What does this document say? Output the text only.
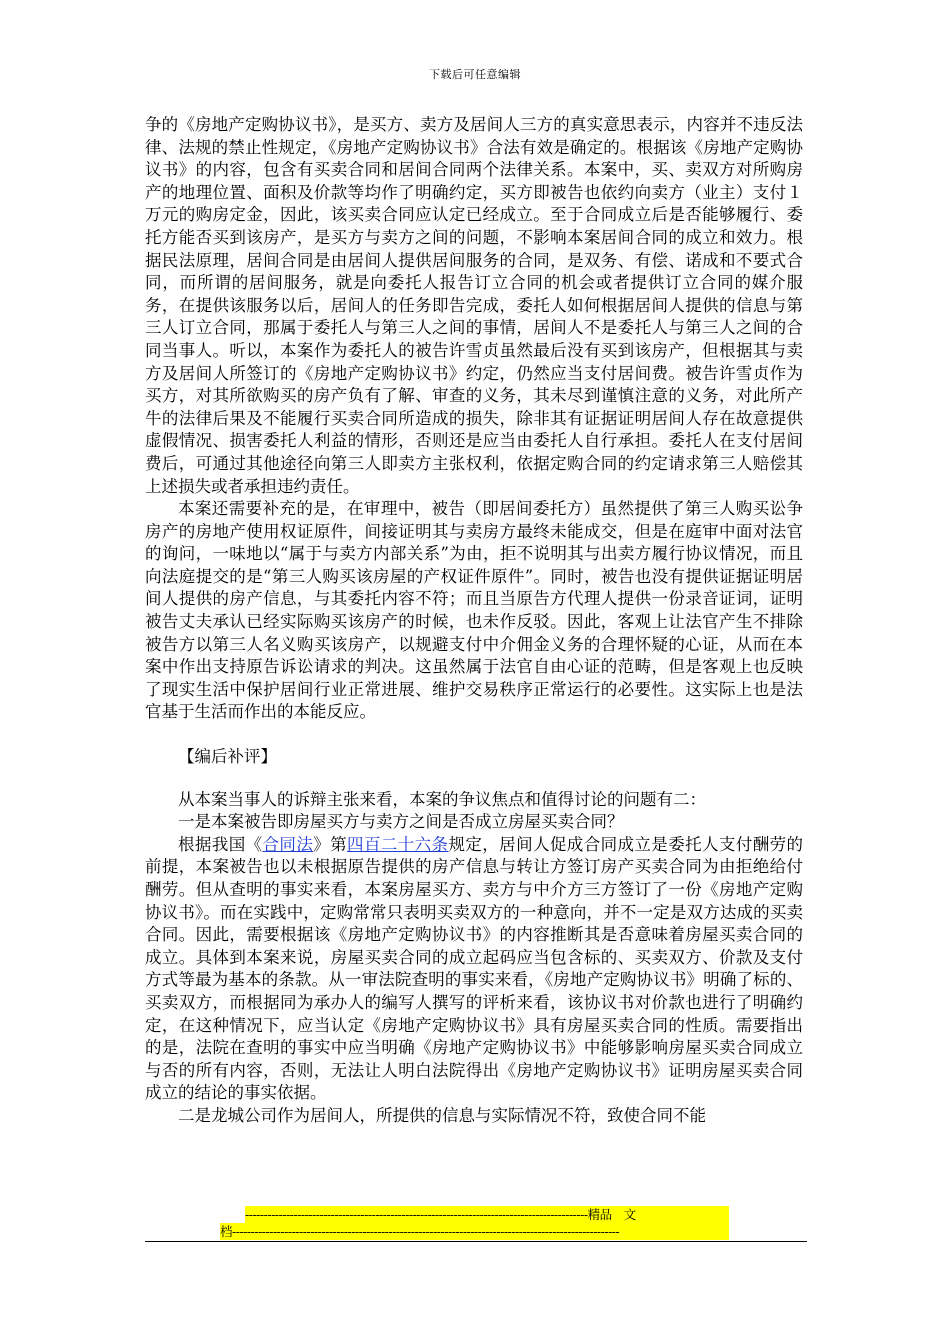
下载后可任意编辑

争的《房地产定购协议书》，是买方、卖方及居间人三方的真实意思表示，内容并不违反法律、法规的禁止性规定，《房地产定购协议书》合法有效是确定的。根据该《房地产定购协议书》的内容，包含有买卖合同和居间合同两个法律关系。本案中，买、卖双方对所购房产的地理位置、面积及价款等均作了明确约定，买方即被告也依约向卖方（业主）支付１万元的购房定金，因此，该买卖合同应认定已经成立。至于合同成立后是否能够履行、委托方能否买到该房产，是买方与卖方之间的问题，不影响本案居间合同的成立和效力。根据民法原理，居间合同是由居间人提供居间服务的合同，是双务、有偿、诺成和不要式合同，而所谓的居间服务，就是向委托人报告订立合同的机会或者提供订立合同的媒介服务，在提供该服务以后，居间人的任务即告完成，委托人如何根据居间人提供的信息与第三人订立合同，那属于委托人与第三人之间的事情，居间人不是委托人与第三人之间的合同当事人。听以，本案作为委托人的被告许雪贞虽然最后没有买到该房产，但根据其与卖方及居间人所签订的《房地产定购协议书》约定，仍然应当支付居间费。被告许雪贞作为买方，对其所欲购买的房产负有了解、审查的义务，其未尽到谨慎注意的义务，对此所产牛的法律后果及不能履行买卖合同所造成的损失，除非其有证据证明居间人存在故意提供虚假情况、损害委托人利益的情形，否则还是应当由委托人自行承担。委托人在支付居间费后，可通过其他途径向第三人即卖方主张权利，依据定购合同的约定请求第三人赔偿其上述损失或者承担违约责任。

本案还需要补充的是，在审理中，被告（即居间委托方）虽然提供了第三人购买讼争房产的房地产使用权证原件，间接证明其与卖房方最终未能成交，但是在庭审中面对法官的询问，一味地以“属于与卖方内部关系”为由，拒不说明其与出卖方履行协议情况，而且向法庭提交的是“第三人购买该房屋的产权证件原件”。同时，被告也没有提供证据证明居间人提供的房产信息，与其委托内容不符；而且当原告方代理人提供一份录音证词，证明被告丈夫承认已经实际购买该房产的时候，也未作反驳。因此，客观上让法官产生不排除被告方以第三人名义购买该房产，以规避支付中介佣金义务的合理怀疑的心证，从而在本案中作出支持原告诉讼请求的判决。这虽然属于法官自由心证的范畴，但是客观上也反映了现实生活中保护居间行业正常进展、维护交易秩序正常运行的必要性。这实际上也是法官基于生活而作出的本能反应。

【编后补评】

从本案当事人的诉辩主张来看，本案的争议焦点和值得讨论的问题有二：

一是本案被告即房屋买方与卖方之间是否成立房屋买卖合同？

根据我国《合同法》第四百二十六条规定，居间人促成合同成立是委托人支付酬劳的前提，本案被告也以未根据原告提供的房产信息与转让方签订房产买卖合同为由拒绝给付酬劳。但从查明的事实来看，本案房屋买方、卖方与中介方三方签订了一份《房地产定购协议书》。而在实践中，定购常常只表明买卖双方的一种意向，并不一定是双方达成的买卖合同。因此，需要根据该《房地产定购协议书》的内容推断其是否意味着房屋买卖合同的成立。具体到本案来说，房屋买卖合同的成立起码应当包含标的、买卖双方、价款及支付方式等最为基本的条款。从一审法院查明的事实来看，《房地产定购协议书》明确了标的、买卖双方，而根据同为承办人的编写人撰写的评析来看，该协议书对价款也进行了明确约定，在这种情况下，应当认定《房地产定购协议书》具有房屋买卖合同的性质。需要指出的是，法院在查明的事实中应当明确《房地产定购协议书》中能够影响房屋买卖合同成立与否的所有内容，否则，无法让人明白法院得出《房地产定购协议书》证明房屋买卖合同成立的结论的事实依据。

二是龙城公司作为居间人，所提供的信息与实际情况不符，致使合同不能

--------------------------------------------------------------------------------------------精品　文
档--------------------------------------------------------------------------------------------------------
